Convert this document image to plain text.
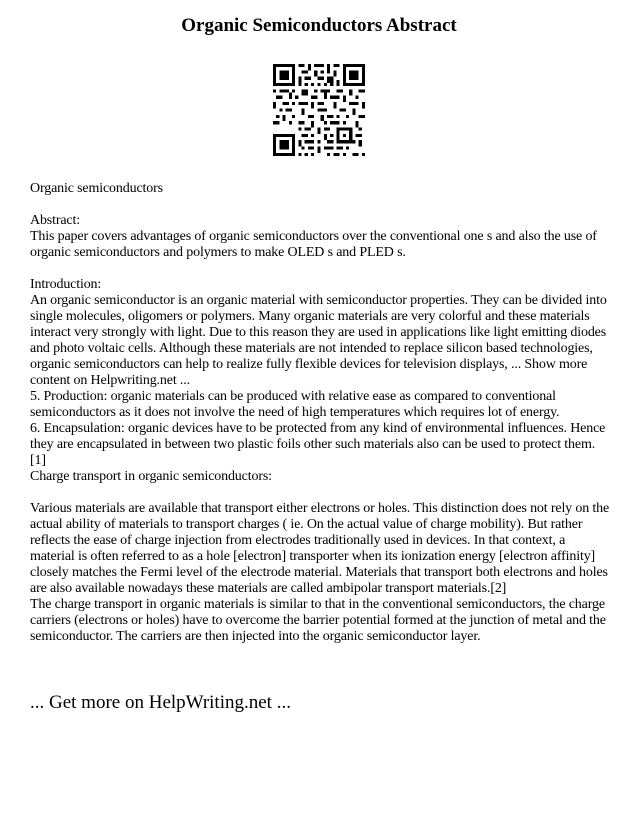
Organic Semiconductors Abstract

Organic semiconductors

Abstract:

This paper covers advantages of organic semiconductors over the conventional one s and also the use of organic semiconductors and polymers to make OLED s and PLED s.

Introduction:

An organic semiconductor is an organic material with semiconductor properties. They can be divided into single molecules, oligomers or polymers. Many organic materials are very colorful and these materials interact very strongly with light. Due to this reason they are used in applications like light emitting diodes and photo voltaic cells. Although these materials are not intended to replace silicon based technologies, organic semiconductors can help to realize fully flexible devices for television displays, ... Show more content on Helpwriting.net ...

5. Production: organic materials can be produced with relative ease as compared to conventional semiconductors as it does not involve the need of high temperatures which requires lot of energy.

6. Encapsulation: organic devices have to be protected from any kind of environmental influences. Hence they are encapsulated in between two plastic foils other such materials also can be used to protect them. [1]

Charge transport in organic semiconductors:

Various materials are available that transport either electrons or holes. This distinction does not rely on the actual ability of materials to transport charges ( ie. On the actual value of charge mobility). But rather reflects the ease of charge injection from electrodes traditionally used in devices. In that context, a material is often referred to as a hole [electron] transporter when its ionization energy [electron affinity] closely matches the Fermi level of the electrode material. Materials that transport both electrons and holes are also available nowadays these materials are called ambipolar transport materials.[2]

The charge transport in organic materials is similar to that in the conventional semiconductors, the charge carriers (electrons or holes) have to overcome the barrier potential formed at the junction of metal and the semiconductor. The carriers are then injected into the organic semiconductor layer.

... Get more on HelpWriting.net ...
